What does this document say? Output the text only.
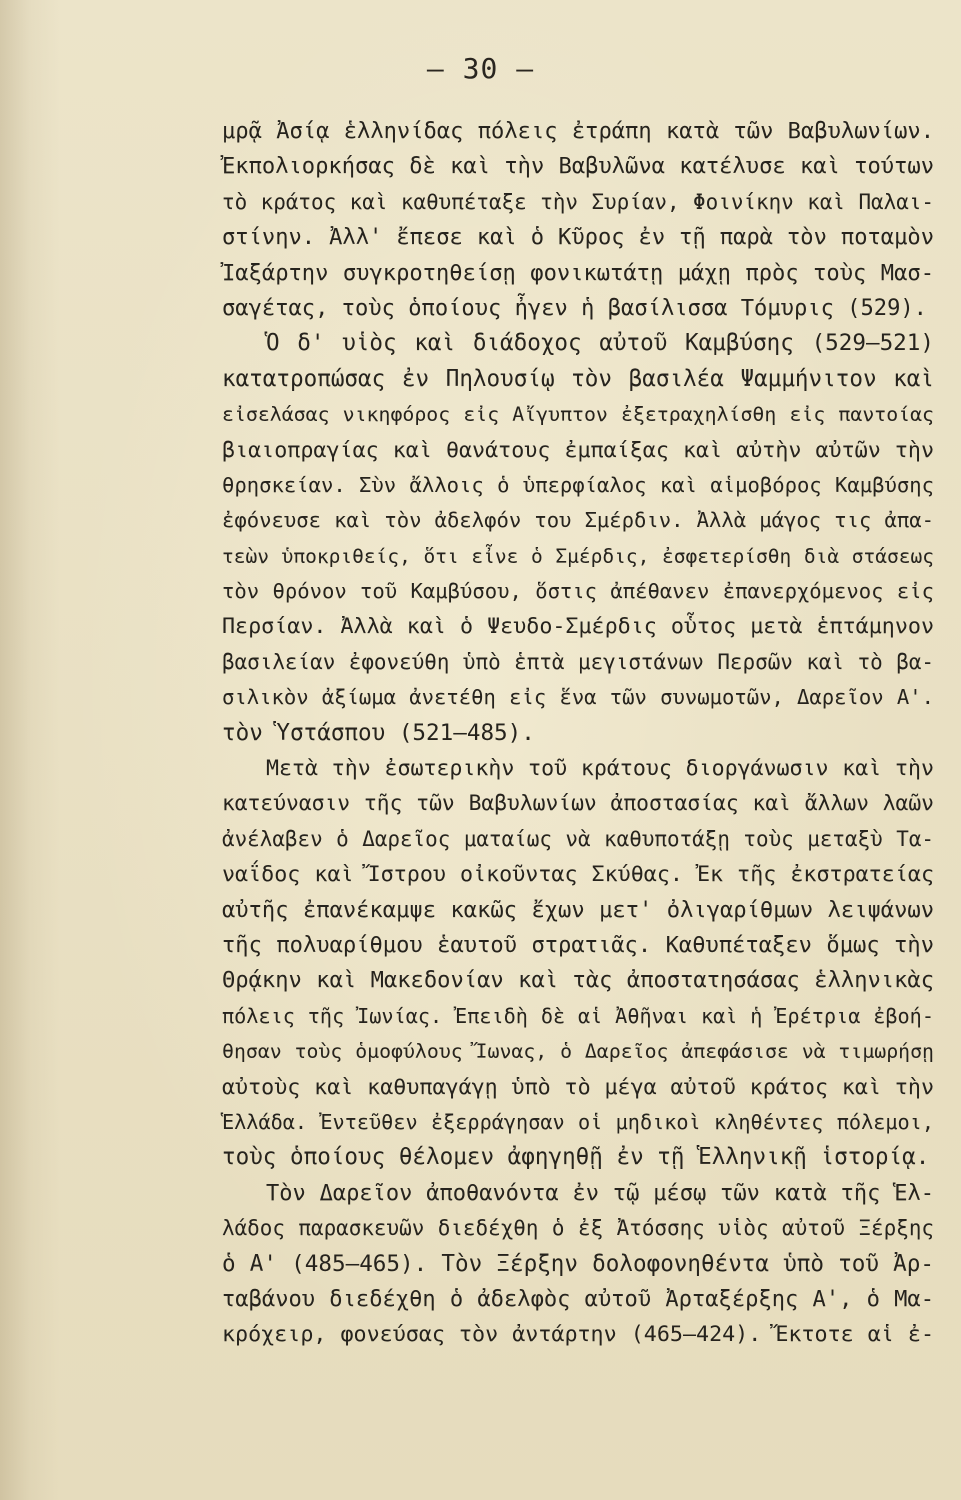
— 30 —
μρᾷ Ἀσίᾳ ἑλληνίδας πόλεις ἐτράπη κατὰ τῶν Βαβυλωνίων.
Ἐκπολιορκήσας δὲ καὶ τὴν Βαβυλῶνα κατέλυσε καὶ τούτων
τὸ κράτος καὶ καθυπέταξε τὴν Συρίαν, Φοινίκην καὶ Παλαι-
στίνην. Ἀλλ' ἔπεσε καὶ ὁ Κῦρος ἐν τῇ παρὰ τὸν ποταμὸν
Ἰαξάρτην συγκροτηθείσῃ φονικωτάτῃ μάχῃ πρὸς τοὺς Μασ-
σαγέτας, τοὺς ὁποίους ἦγεν ἡ βασίλισσα Τόμυρις (529).
Ὁ δ' υἱὸς καὶ διάδοχος αὐτοῦ Καμβύσης (529—521)
κατατροπώσας ἐν Πηλουσίῳ τὸν βασιλέα Ψαμμήνιτον καὶ
εἰσελάσας νικηφόρος εἰς Αἴγυπτον ἐξετραχηλίσθη εἰς παντοίας
βιαιοπραγίας καὶ θανάτους ἐμπαίξας καὶ αὐτὴν αὐτῶν τὴν
θρησκείαν. Σὺν ἄλλοις ὁ ὑπερφίαλος καὶ αἱμοβόρος Καμβύσης
ἐφόνευσε καὶ τὸν ἀδελφόν του Σμέρδιν. Ἀλλὰ μάγος τις ἀπα-
τεὼν ὑποκριθείς, ὅτι εἶνε ὁ Σμέρδις, ἐσφετερίσθη διὰ στάσεως
τὸν θρόνον τοῦ Καμβύσου, ὅστις ἀπέθανεν ἐπανερχόμενος εἰς
Περσίαν. Ἀλλὰ καὶ ὁ Ψευδο-Σμέρδις οὗτος μετὰ ἑπτάμηνον
βασιλείαν ἐφονεύθη ὑπὸ ἑπτὰ μεγιστάνων Περσῶν καὶ τὸ βα-
σιλικὸν ἀξίωμα ἀνετέθη εἰς ἕνα τῶν συνωμοτῶν, Δαρεῖον Α'.
τὸν Ὑστάσπου (521—485).
Μετὰ τὴν ἐσωτερικὴν τοῦ κράτους διοργάνωσιν καὶ τὴν
κατεύνασιν τῆς τῶν Βαβυλωνίων ἀποστασίας καὶ ἄλλων λαῶν
ἀνέλαβεν ὁ Δαρεῖος ματαίως νὰ καθυποτάξῃ τοὺς μεταξὺ Τα-
ναΐδος καὶ Ἴστρου οἰκοῦντας Σκύθας. Ἐκ τῆς ἐκστρατείας
αὐτῆς ἐπανέκαμψε κακῶς ἔχων μετ' ὀλιγαρίθμων λειψάνων
τῆς πολυαρίθμου ἑαυτοῦ στρατιᾶς. Καθυπέταξεν ὅμως τὴν
Θρᾴκην καὶ Μακεδονίαν καὶ τὰς ἀποστατησάσας ἑλληνικὰς
πόλεις τῆς Ἰωνίας. Ἐπειδὴ δὲ αἱ Ἀθῆναι καὶ ἡ Ἐρέτρια ἐβοή-
θησαν τοὺς ὁμοφύλους Ἴωνας, ὁ Δαρεῖος ἀπεφάσισε νὰ τιμωρήσῃ
αὐτοὺς καὶ καθυπαγάγῃ ὑπὸ τὸ μέγα αὐτοῦ κράτος καὶ τὴν
Ἑλλάδα. Ἐντεῦθεν ἐξερράγησαν οἱ μηδικοὶ κληθέντες πόλεμοι,
τοὺς ὁποίους θέλομεν ἀφηγηθῇ ἐν τῇ Ἑλληνικῇ ἱστορίᾳ.
Τὸν Δαρεῖον ἀποθανόντα ἐν τῷ μέσῳ τῶν κατὰ τῆς Ἑλ-
λάδος παρασκευῶν διεδέχθη ὁ ἐξ Ἀτόσσης υἱὸς αὐτοῦ Ξέρξης
ὁ Α' (485—465). Τὸν Ξέρξην δολοφονηθέντα ὑπὸ τοῦ Ἀρ-
ταβάνου διεδέχθη ὁ ἀδελφὸς αὐτοῦ Ἀρταξέρξης Α', ὁ Μα-
κρόχειρ, φονεύσας τὸν ἀντάρτην (465—424). Ἔκτοτε αἱ ἐ-
